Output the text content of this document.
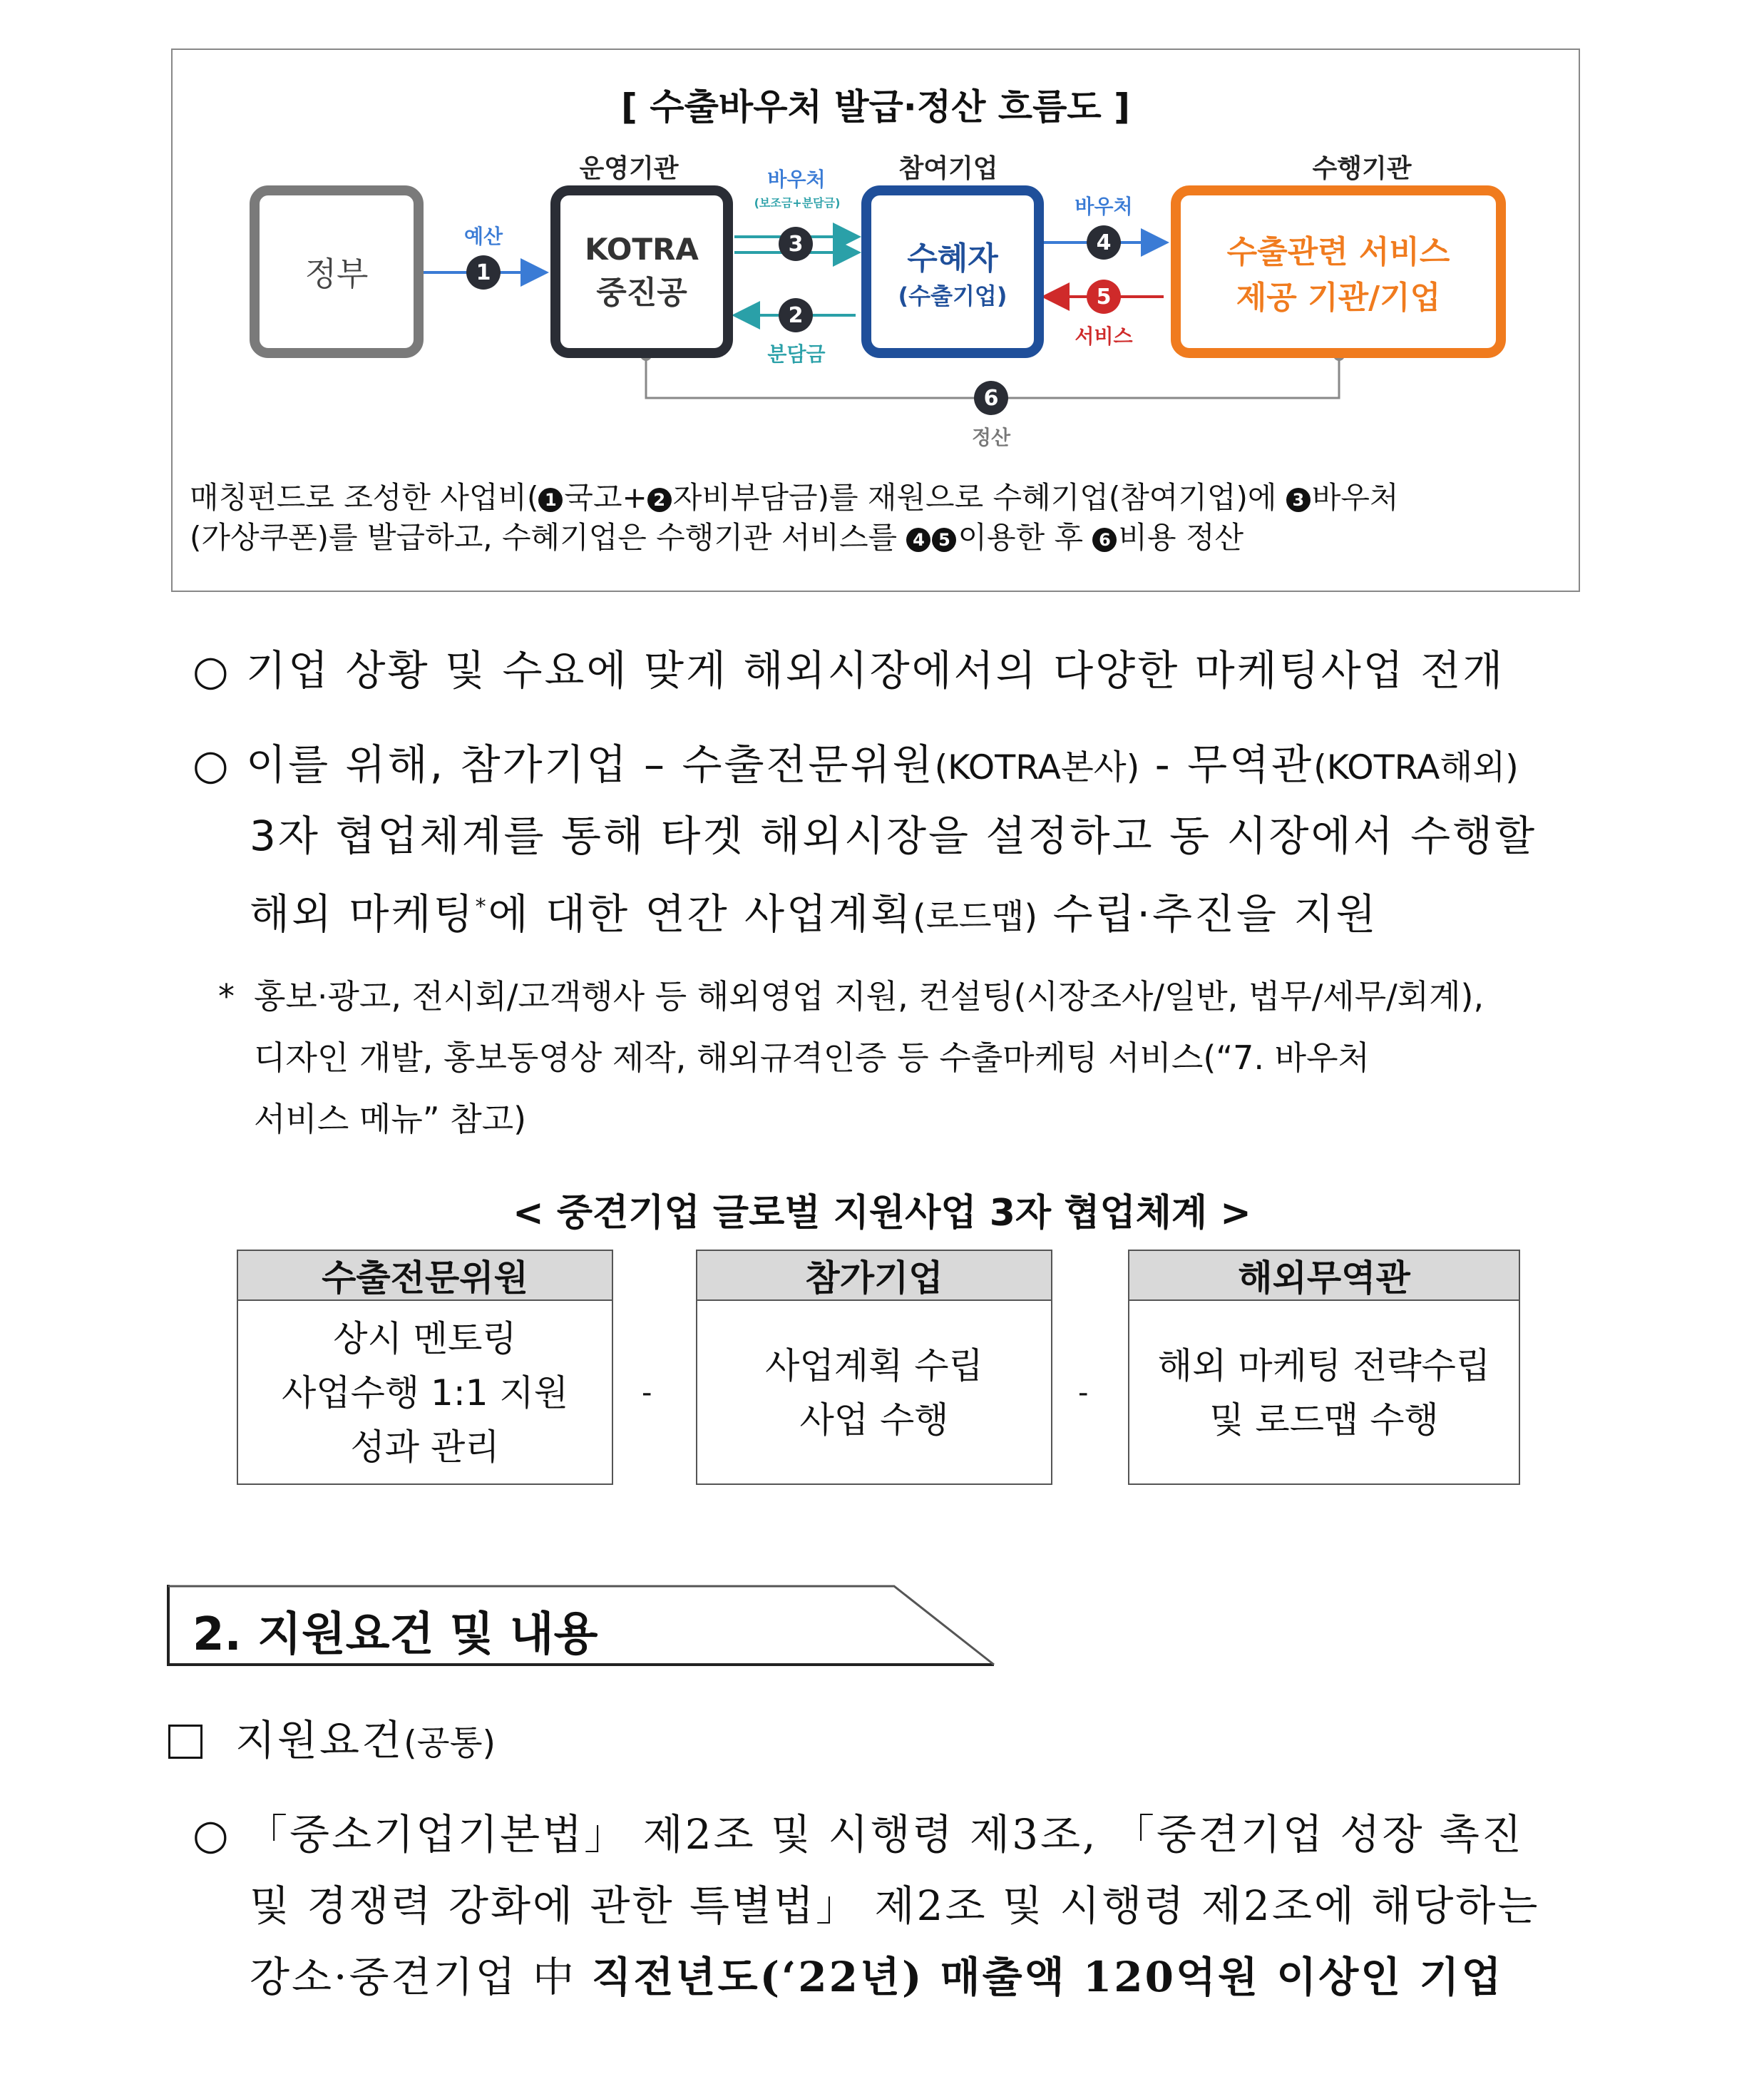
[ 수출바우처 발급·정산 흐름도 ]
운영기관	참여기업	수행기관
정부
KOTRA
중진공
수혜자
(수출기업)
수출관련 서비스
제공 기관/기업
예산
1
바우처
(보조금+분담금)
3
2
분담금
바우처
4
5
서비스
6
정산
매칭펀드로 조성한 사업비( 1 국고+ 2 자비부담금)를 재원으로 수혜기업(참여기업)에 3 바우처
(가상쿠폰)를 발급하고, 수혜기업은 수행기관 서비스를 4 5 이용한 후 6 비용 정산
○ 기업 상황 및 수요에 맞게 해외시장에서의 다양한 마케팅사업 전개
○ 이를 위해, 참가기업 – 수출전문위원(KOTRA본사) - 무역관(KOTRA해외)
3자 협업체계를 통해 타겟 해외시장을 설정하고 동 시장에서 수행할
해외 마케팅*에 대한 연간 사업계획(로드맵) 수립·추진을 지원
* 홍보·광고, 전시회/고객행사 등 해외영업 지원, 컨설팅(시장조사/일반, 법무/세무/회계),
디자인 개발, 홍보동영상 제작, 해외규격인증 등 수출마케팅 서비스(“7. 바우처
서비스 메뉴” 참고)
< 중견기업 글로벌 지원사업 3자 협업체계 >
수출전문위원
상시 멘토링
사업수행 1:1 지원
성과 관리
-
참가기업
사업계획 수립
사업 수행
-
해외무역관
해외 마케팅 전략수립
및 로드맵 수행
2. 지원요건 및 내용
지원요건(공통)
○ 「중소기업기본법」 제2조 및 시행령 제3조, 「중견기업 성장 촉진
및 경쟁력 강화에 관한 특별법」 제2조 및 시행령 제2조에 해당하는
강소·중견기업 中 직전년도(‘22년) 매출액 120억원 이상인 기업
